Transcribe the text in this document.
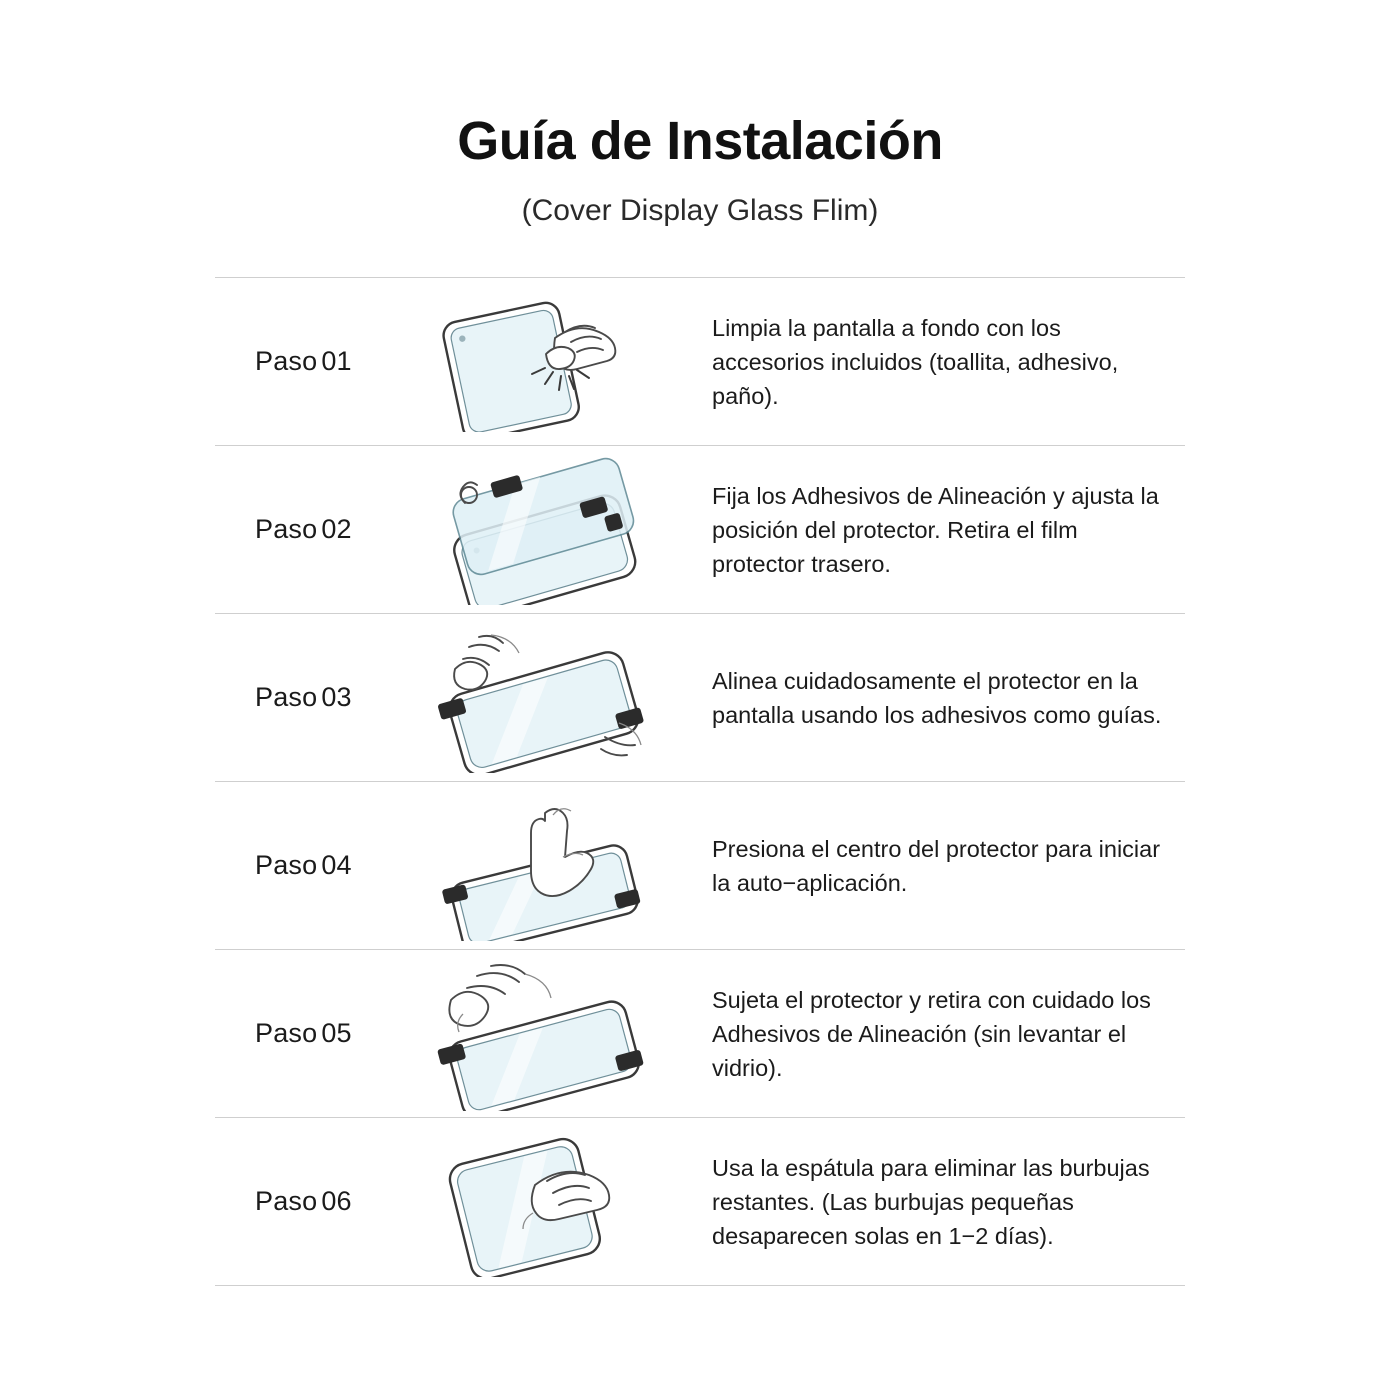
Guía de Instalación
(Cover Display Glass Flim)
Paso 01
Limpia la pantalla a fondo con los accesorios incluidos (toallita, adhesivo, paño).
Paso 02
Fija los Adhesivos de Alineación y ajusta la posición del protector. Retira el film protector trasero.
Paso 03
Alinea cuidadosamente el protector en la pantalla usando los adhesivos como guías.
Paso 04
Presiona el centro del protector para iniciar la auto−aplicación.
Paso 05
Sujeta el protector y retira con cuidado los Adhesivos de Alineación (sin levantar el vidrio).
Paso 06
Usa la espátula para eliminar las burbujas restantes. (Las burbujas pequeñas desaparecen solas en 1−2 días).
